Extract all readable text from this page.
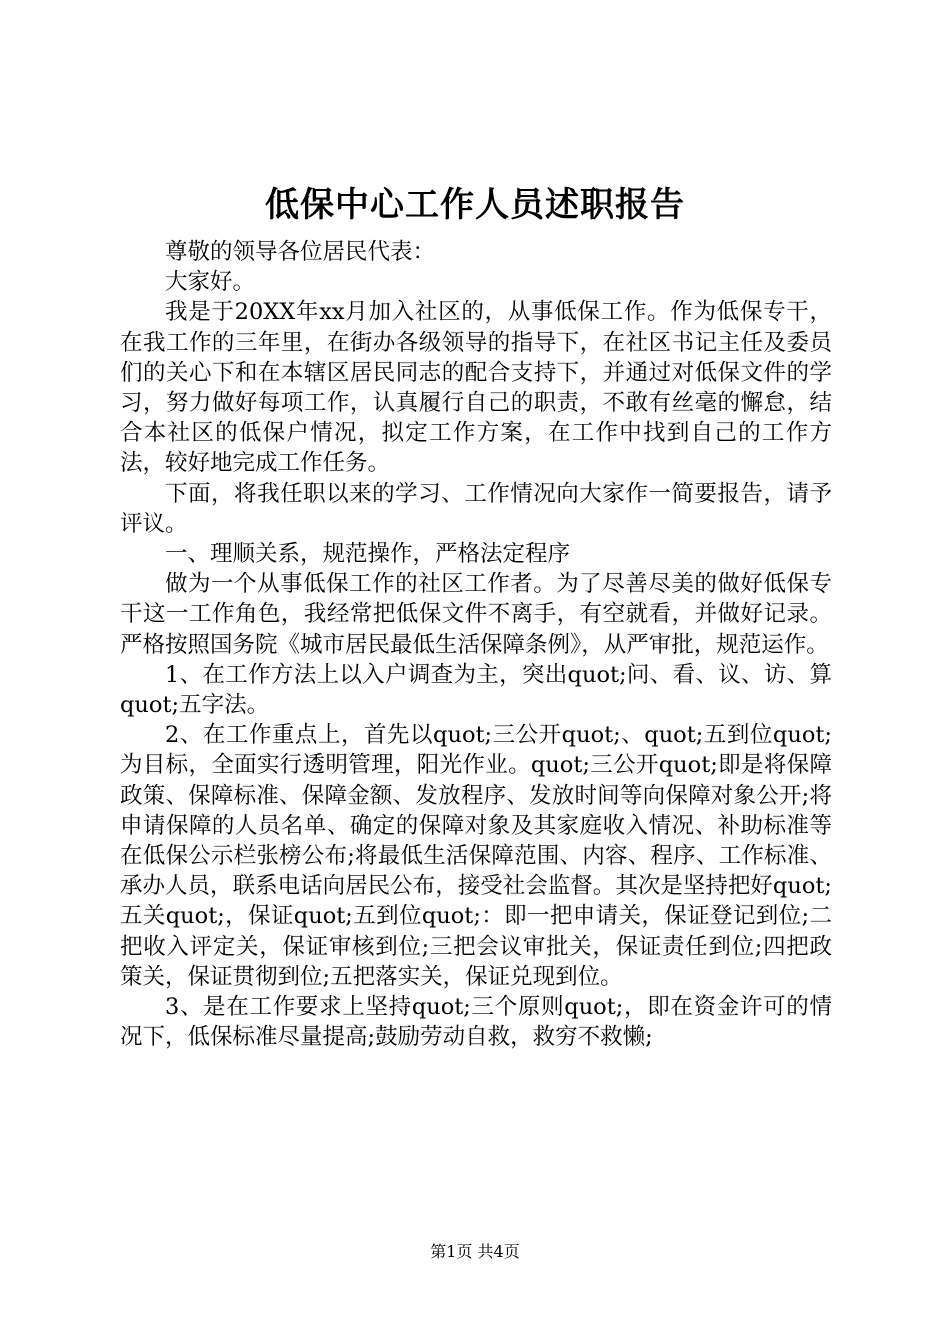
低保中心工作人员述职报告

尊敬的领导各位居民代表：

大家好。

我是于20XX年xx月加入社区的，从事低保工作。作为低保专干，在我工作的三年里，在街办各级领导的指导下，在社区书记主任及委员们的关心下和在本辖区居民同志的配合支持下，并通过对低保文件的学习，努力做好每项工作，认真履行自己的职责，不敢有丝毫的懈怠，结合本社区的低保户情况，拟定工作方案，在工作中找到自己的工作方法，较好地完成工作任务。

下面，将我任职以来的学习、工作情况向大家作一简要报告，请予评议。

一、理顺关系，规范操作，严格法定程序

做为一个从事低保工作的社区工作者。为了尽善尽美的做好低保专干这一工作角色，我经常把低保文件不离手，有空就看，并做好记录。严格按照国务院《城市居民最低生活保障条例》，从严审批，规范运作。

1、在工作方法上以入户调查为主，突出quot;问、看、议、访、算quot;五字法。

2、在工作重点上，首先以quot;三公开quot;、quot;五到位quot;为目标，全面实行透明管理，阳光作业。quot;三公开quot;即是将保障政策、保障标准、保障金额、发放程序、发放时间等向保障对象公开;将申请保障的人员名单、确定的保障对象及其家庭收入情况、补助标准等在低保公示栏张榜公布;将最低生活保障范围、内容、程序、工作标准、承办人员，联系电话向居民公布，接受社会监督。其次是坚持把好quot;五关quot;，保证quot;五到位quot;：即一把申请关，保证登记到位;二把收入评定关，保证审核到位;三把会议审批关，保证责任到位;四把政策关，保证贯彻到位;五把落实关，保证兑现到位。

3、是在工作要求上坚持quot;三个原则quot;，即在资金许可的情况下，低保标准尽量提高;鼓励劳动自救，救穷不救懒;

第1页 共4页
